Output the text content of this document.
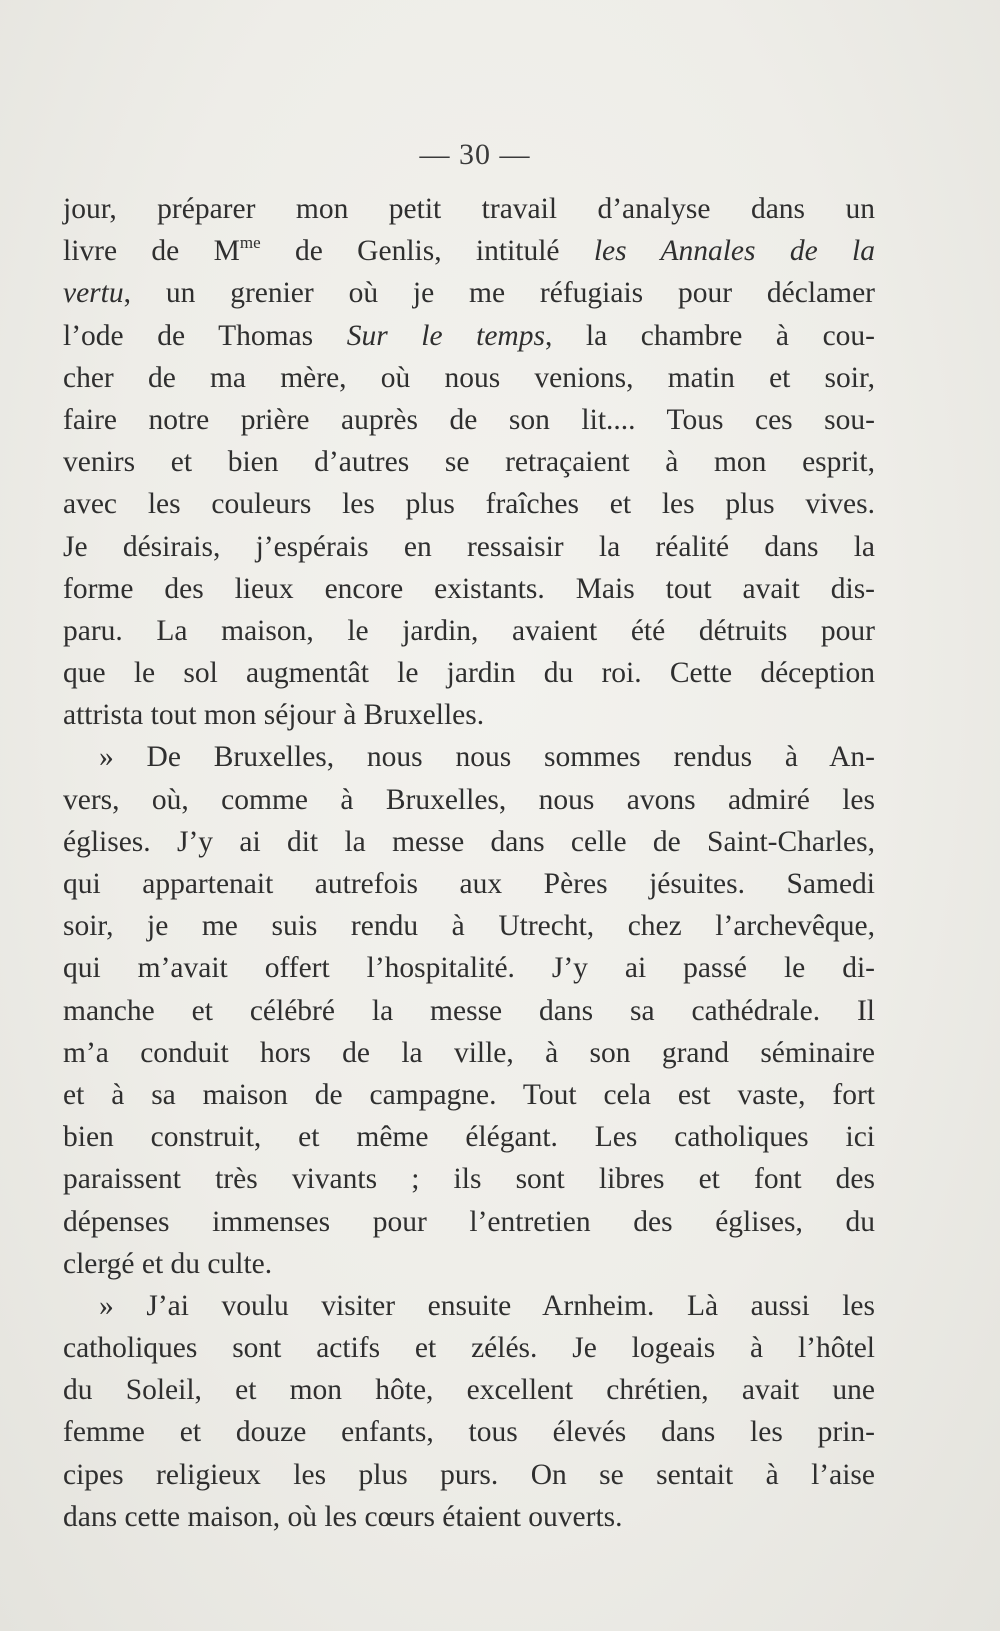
— 30 —
jour, préparer mon petit travail d’analyse dans un
livre de $M^{me}$ de Genlis, intitulé les Annales de la
vertu, un grenier où je me réfugiais pour déclamer
l’ode de Thomas Sur le temps, la chambre à cou-
cher de ma mère, où nous venions, matin et soir,
faire notre prière auprès de son lit.... Tous ces sou-
venirs et bien d’autres se retraçaient à mon esprit,
avec les couleurs les plus fraîches et les plus vives.
Je désirais, j’espérais en ressaisir la réalité dans la
forme des lieux encore existants. Mais tout avait dis-
paru. La maison, le jardin, avaient été détruits pour
que le sol augmentât le jardin du roi. Cette déception
attrista tout mon séjour à Bruxelles.
» De Bruxelles, nous nous sommes rendus à An-
vers, où, comme à Bruxelles, nous avons admiré les
églises. J’y ai dit la messe dans celle de Saint-Charles,
qui appartenait autrefois aux Pères jésuites. Samedi
soir, je me suis rendu à Utrecht, chez l’archevêque,
qui m’avait offert l’hospitalité. J’y ai passé le di-
manche et célébré la messe dans sa cathédrale. Il
m’a conduit hors de la ville, à son grand séminaire
et à sa maison de campagne. Tout cela est vaste, fort
bien construit, et même élégant. Les catholiques ici
paraissent très vivants ; ils sont libres et font des
dépenses immenses pour l’entretien des églises, du
clergé et du culte.
» J’ai voulu visiter ensuite Arnheim. Là aussi les
catholiques sont actifs et zélés. Je logeais à l’hôtel
du Soleil, et mon hôte, excellent chrétien, avait une
femme et douze enfants, tous élevés dans les prin-
cipes religieux les plus purs. On se sentait à l’aise
dans cette maison, où les cœurs étaient ouverts.
